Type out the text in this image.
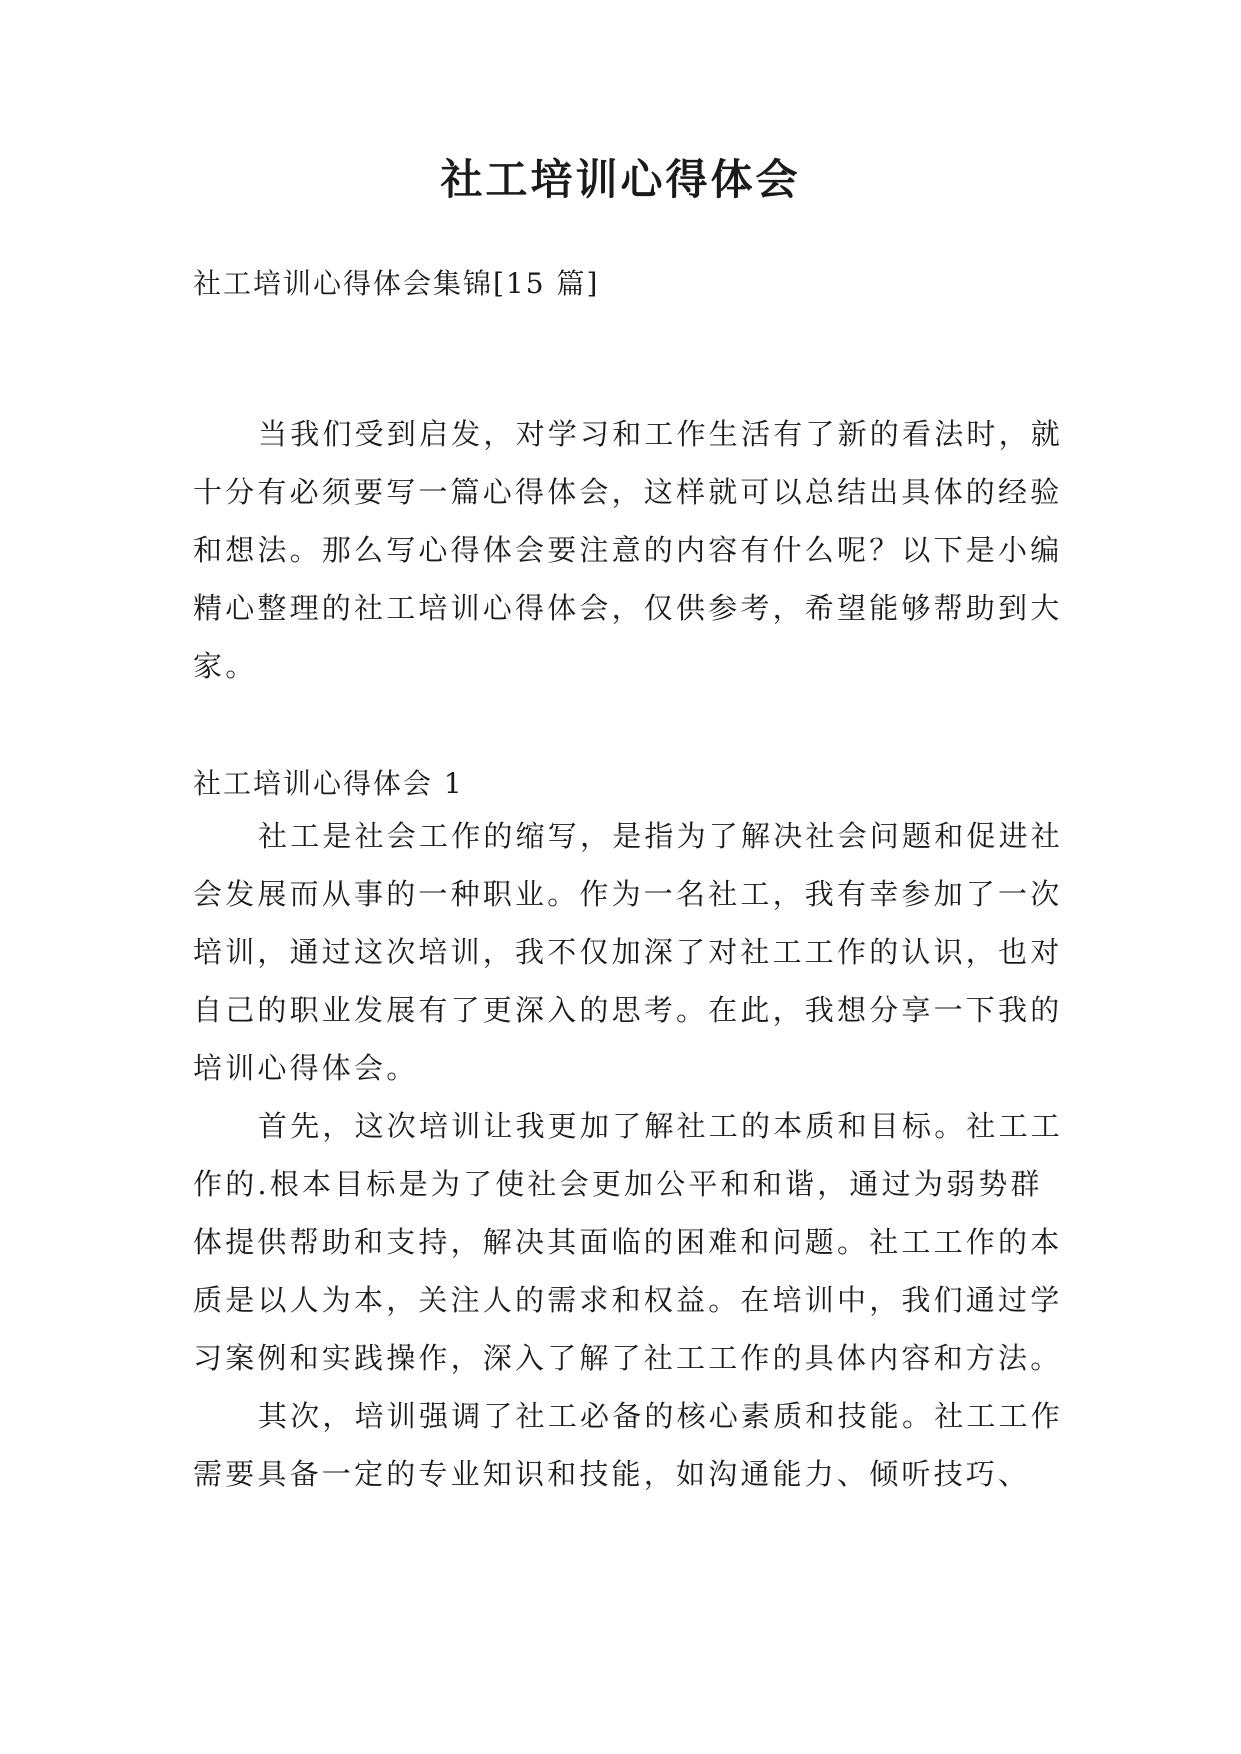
社工培训心得体会
社工培训心得体会集锦[15 篇]

当我们受到启发，对学习和工作生活有了新的看法时，就十分有必须要写一篇心得体会，这样就可以总结出具体的经验和想法。那么写心得体会要注意的内容有什么呢？以下是小编精心整理的社工培训心得体会，仅供参考，希望能够帮助到大家。

社工培训心得体会 1

社工是社会工作的缩写，是指为了解决社会问题和促进社会发展而从事的一种职业。作为一名社工，我有幸参加了一次培训，通过这次培训，我不仅加深了对社工工作的认识，也对自己的职业发展有了更深入的思考。在此，我想分享一下我的培训心得体会。

首先，这次培训让我更加了解社工的本质和目标。社工工作的.根本目标是为了使社会更加公平和和谐，通过为弱势群体提供帮助和支持，解决其面临的困难和问题。社工工作的本质是以人为本，关注人的需求和权益。在培训中，我们通过学习案例和实践操作，深入了解了社工工作的具体内容和方法。

其次，培训强调了社工必备的核心素质和技能。社工工作需要具备一定的专业知识和技能，如沟通能力、倾听技巧、
